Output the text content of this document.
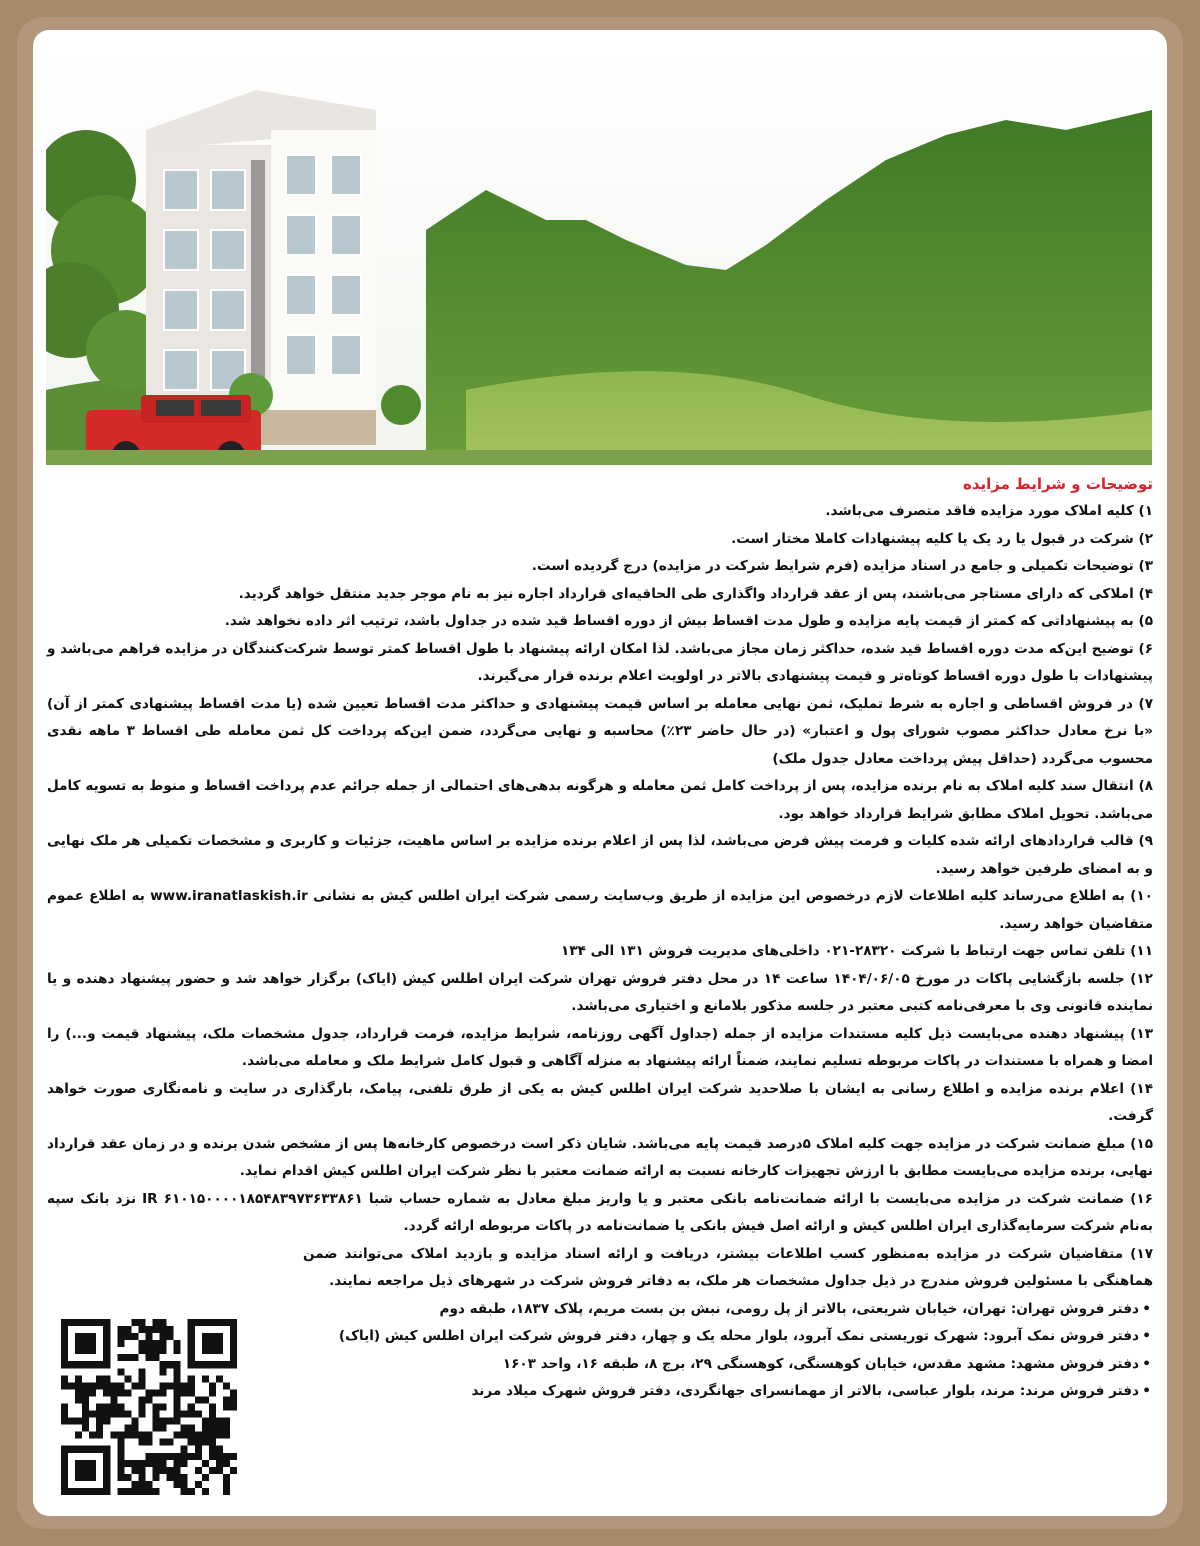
توضیحات و شرایط مزایده

۱) کلیه املاک مورد مزایده فاقد متصرف می‌باشد.

۲) شرکت در قبول یا رد یک یا کلیه پیشنهادات کاملا مختار است.

۳) توضیحات تکمیلی و جامع در اسناد مزایده (فرم شرایط شرکت در مزایده) درج گردیده است.

۴) املاکی که دارای مستاجر می‌باشند، پس از عقد قرارداد واگذاری طی الحاقیه‌ای قرارداد اجاره نیز به نام موجر جدید منتقل خواهد گردید.

۵) به پیشنهاداتی که کمتر از قیمت پایه مزایده و طول مدت اقساط بیش از دوره اقساط قید شده در جداول باشد، ترتیب اثر داده نخواهد شد.

۶) توضیح این‌که مدت دوره اقساط قید شده، حداکثر زمان مجاز می‌باشد. لذا امکان ارائه پیشنهاد با طول اقساط کمتر توسط شرکت‌کنندگان در مزایده فراهم می‌باشد و پیشنهادات با طول دوره اقساط کوتاه‌تر و قیمت پیشنهادی بالاتر در اولویت اعلام برنده قرار می‌گیرند.

۷) در فروش اقساطی و اجاره به شرط تملیک، ثمن نهایی معامله بر اساس قیمت پیشنهادی و حداکثر مدت اقساط تعیین شده (یا مدت اقساط پیشنهادی کمتر از آن) «با نرخ معادل حداکثر مصوب شورای پول و اعتبار» (در حال حاضر ۲۳٪) محاسبه و نهایی می‌گردد، ضمن این‌که پرداخت کل ثمن معامله طی اقساط ۳ ماهه نقدی محسوب می‌گردد (حداقل پیش پرداخت معادل جدول ملک)

۸) انتقال سند کلیه املاک به نام برنده مزایده، پس از پرداخت کامل ثمن معامله و هرگونه بدهی‌های احتمالی از جمله جرائم عدم پرداخت اقساط و منوط به تسویه کامل می‌باشد. تحویل املاک مطابق شرایط قرارداد خواهد بود.

۹) قالب قراردادهای ارائه شده کلیات و فرمت پیش فرض می‌باشد، لذا پس از اعلام برنده مزایده بر اساس ماهیت، جزئیات و کاربری و مشخصات تکمیلی هر ملک نهایی و به امضای طرفین خواهد رسید.

۱۰) به اطلاع می‌رساند کلیه اطلاعات لازم درخصوص این مزایده از طریق وب‌سایت رسمی شرکت ایران اطلس کیش به نشانی www.iranatlaskish.ir به اطلاع عموم متقاضیان خواهد رسید.

۱۱) تلفن تماس جهت ارتباط با شرکت ۲۸۳۲۰-۰۲۱ داخلی‌های مدیریت فروش ۱۳۱ الی ۱۳۴

۱۲) جلسه بازگشایی پاکات در مورخ ۱۴۰۴/۰۶/۰۵ ساعت ۱۴ در محل دفتر فروش تهران شرکت ایران اطلس کیش (ایاک) برگزار خواهد شد و حضور پیشنهاد دهنده و یا نماینده قانونی وی با معرفی‌نامه کتبی معتبر در جلسه مذکور بلامانع و اختیاری می‌باشد.

۱۳) پیشنهاد دهنده می‌بایست ذیل کلیه مستندات مزایده از جمله (جداول آگهی روزنامه، شرایط مزایده، فرمت قرارداد، جدول مشخصات ملک، پیشنهاد قیمت و...) را امضا و همراه با مستندات در پاکات مربوطه تسلیم نمایند، ضمناً ارائه پیشنهاد به منزله آگاهی و قبول کامل شرایط ملک و معامله می‌باشد.

۱۴) اعلام برنده مزایده و اطلاع رسانی به ایشان با صلاحدید شرکت ایران اطلس کیش به یکی از طرق تلفنی، پیامک، بارگذاری در سایت و نامه‌نگاری صورت خواهد گرفت.

۱۵) مبلغ ضمانت شرکت در مزایده جهت کلیه املاک ۵درصد قیمت پایه می‌باشد. شایان ذکر است درخصوص کارخانه‌ها پس از مشخص شدن برنده و در زمان عقد قرارداد نهایی، برنده مزایده می‌بایست مطابق با ارزش تجهیزات کارخانه نسبت به ارائه ضمانت معتبر با نظر شرکت ایران اطلس کیش اقدام نماید.

۱۶) ضمانت شرکت در مزایده می‌بایست با ارائه ضمانت‌نامه بانکی معتبر و یا واریز مبلغ معادل به شماره حساب شبا IR ۶۱۰۱۵۰۰۰۰۱۸۵۴۸۳۹۷۳۶۳۳۸۶۱ نزد بانک سپه به‌نام شرکت سرمایه‌گذاری ایران اطلس کیش و ارائه اصل فیش بانکی یا ضمانت‌نامه در پاکات مربوطه ارائه گردد.

۱۷) متقاضیان شرکت در مزایده به‌منظور کسب اطلاعات بیشتر، دریافت و ارائه اسناد مزایده و بازدید املاک می‌توانند ضمن هماهنگی با مسئولین فروش مندرج در ذیل جداول مشخصات هر ملک، به دفاتر فروش شرکت در شهرهای ذیل مراجعه نمایند.

•
دفتر فروش تهران: تهران، خیابان شریعتی، بالاتر از پل رومی، نبش بن بست مریم، پلاک ۱۸۳۷، طبقه دوم

•
دفتر فروش نمک آبرود: شهرک توریستی نمک آبرود، بلوار محله یک و چهار، دفتر فروش شرکت ایران اطلس کیش (ایاک)

•
دفتر فروش مشهد: مشهد مقدس، خیابان کوهسنگی، کوهسنگی ۲۹، برج ۸، طبقه ۱۶، واحد ۱۶۰۳

•
دفتر فروش مرند: مرند، بلوار عباسی، بالاتر از مهمانسرای جهانگردی، دفتر فروش شهرک میلاد مرند
